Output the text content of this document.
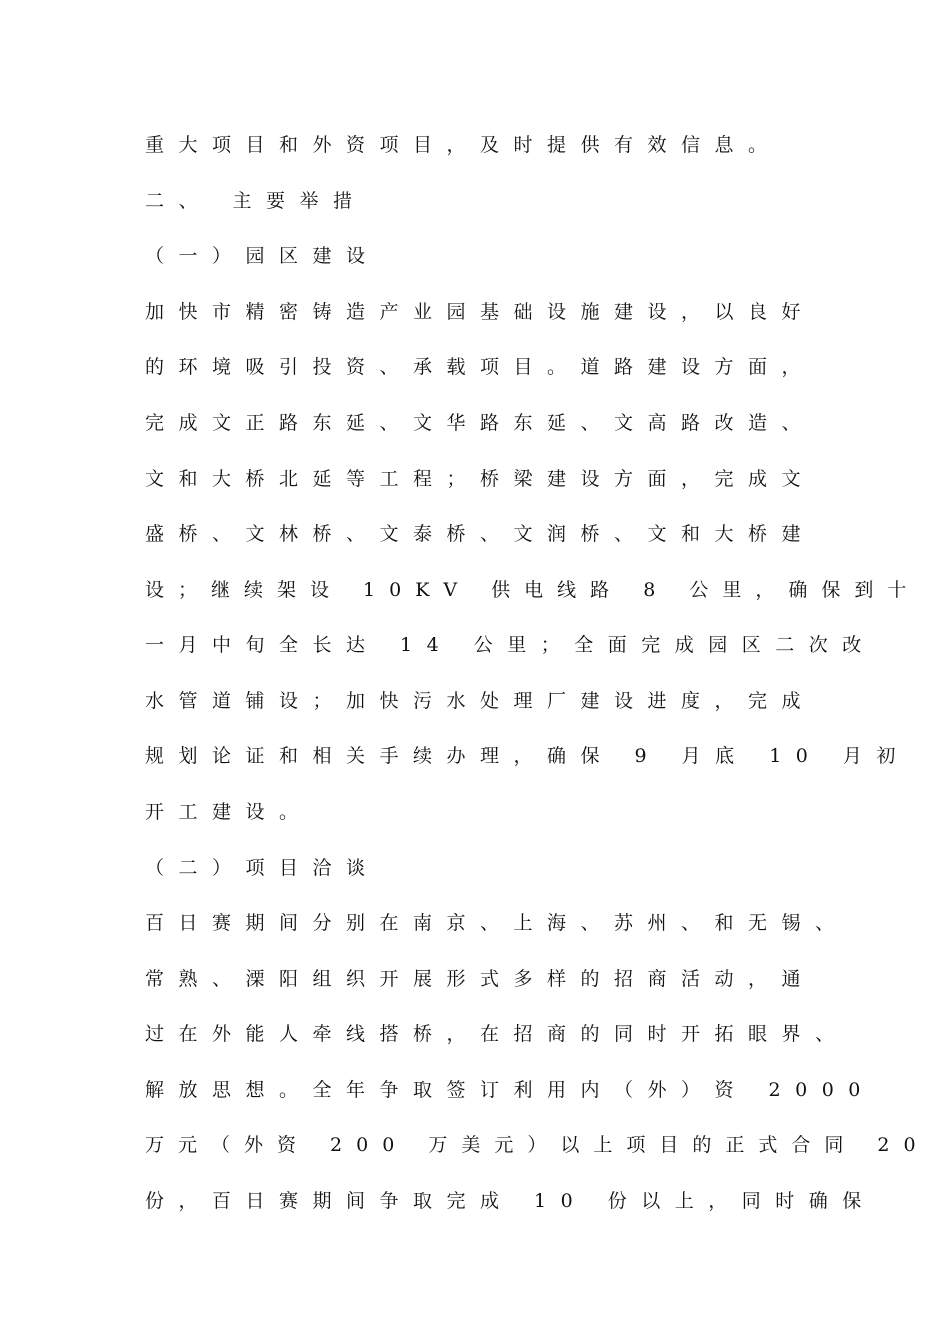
重大项目和外资项目，及时提供有效信息。

二、 主要举措

（一）园区建设

加快市精密铸造产业园基础设施建设，以良好

的环境吸引投资、承载项目。道路建设方面，

完成文正路东延、文华路东延、文高路改造、

文和大桥北延等工程；桥梁建设方面，完成文

盛桥、文林桥、文泰桥、文润桥、文和大桥建

设；继续架设 10KV 供电线路 8 公里，确保到十

一月中旬全长达 14 公里；全面完成园区二次改

水管道铺设；加快污水处理厂建设进度，完成

规划论证和相关手续办理，确保 9 月底 10 月初

开工建设。

（二）项目洽谈

百日赛期间分别在南京、上海、苏州、和无锡、

常熟、溧阳组织开展形式多样的招商活动，通

过在外能人牵线搭桥，在招商的同时开拓眼界、

解放思想。全年争取签订利用内（外）资 2000

万元（外资 200 万美元）以上项目的正式合同 20

份，百日赛期间争取完成 10 份以上，同时确保
